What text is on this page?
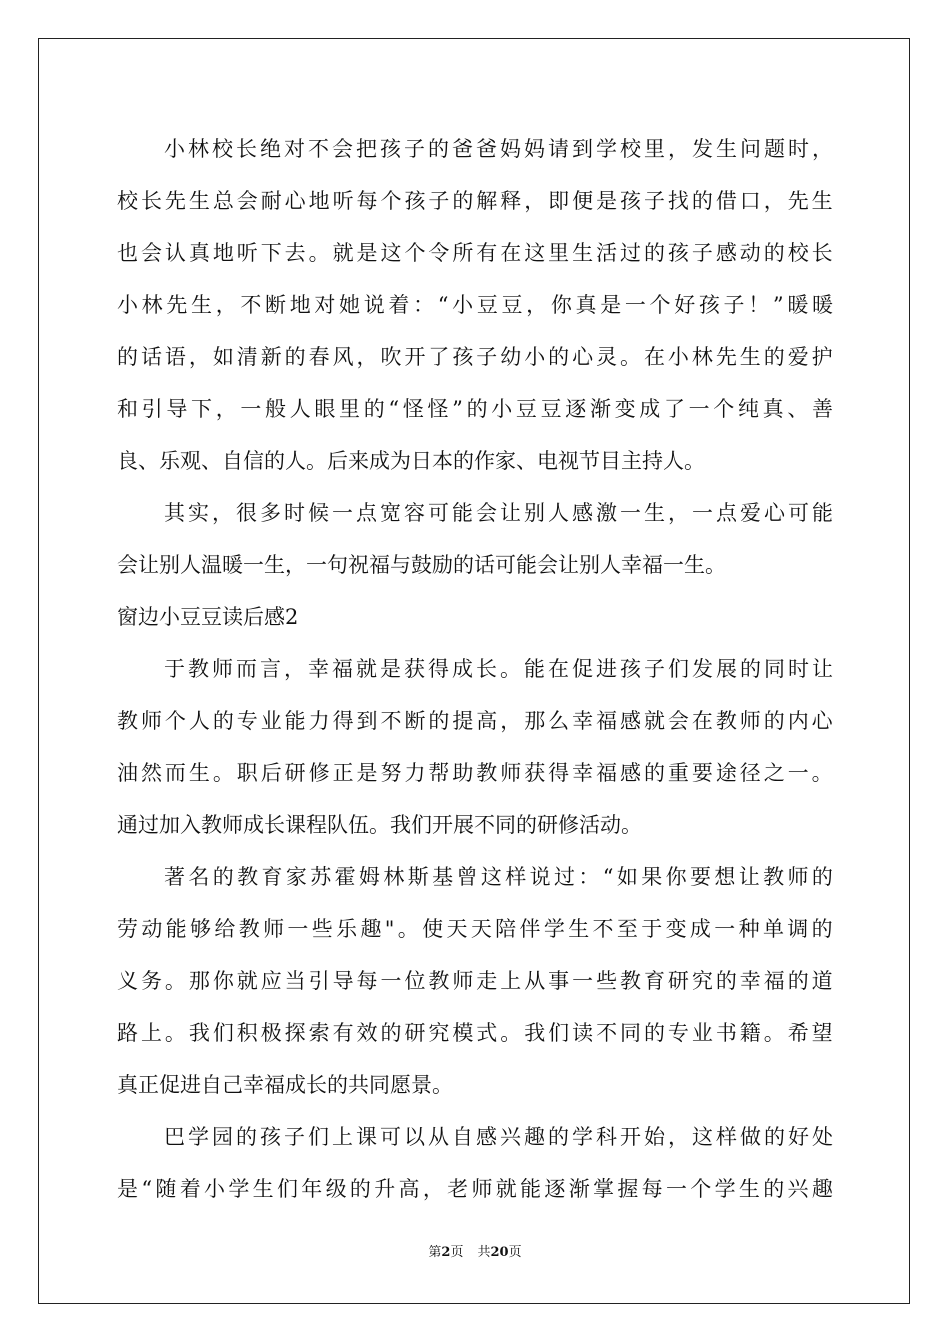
小 林 校 长 绝 对 不 会 把 孩 子 的 爸 爸 妈 妈 请 到 学 校 里 ， 发 生 问 题 时 ，
校 长 先 生 总 会 耐 心 地 听 每 个 孩 子 的 解 释 ， 即 便 是 孩 子 找 的 借 口 ， 先 生
也 会 认 真 地 听 下 去 。 就 是 这 个 令 所 有 在 这 里 生 活 过 的 孩 子 感 动 的 校 长
小 林 先 生 ， 不 断 地 对 她 说 着 ： “ 小 豆 豆 ， 你 真 是 一 个 好 孩 子 ！ ” 暖 暖
的 话 语 ， 如 清 新 的 春 风 ， 吹 开 了 孩 子 幼 小 的 心 灵 。 在 小 林 先 生 的 爱 护
和 引 导 下 ， 一 般 人 眼 里 的 “ 怪 怪 ” 的 小 豆 豆 逐 渐 变 成 了 一 个 纯 真 、 善
良、乐观、自信的人。后来成为日本的作家、电视节目主持人。
其 实 ， 很 多 时 候 一 点 宽 容 可 能 会 让 别 人 感 激 一 生 ， 一 点 爱 心 可 能
会让别人温暖一生，一句祝福与鼓励的话可能会让别人幸福一生。
窗边小豆豆读后感2
于 教 师 而 言 ， 幸 福 就 是 获 得 成 长 。 能 在 促 进 孩 子 们 发 展 的 同 时 让
教 师 个 人 的 专 业 能 力 得 到 不 断 的 提 高 ， 那 么 幸 福 感 就 会 在 教 师 的 内 心
油 然 而 生 。 职 后 研 修 正 是 努 力 帮 助 教 师 获 得 幸 福 感 的 重 要 途 径 之 一 。
通过加入教师成长课程队伍。我们开展不同的研修活动。
著 名 的 教 育 家 苏 霍 姆 林 斯 基 曾 这 样 说 过 ： “ 如 果 你 要 想 让 教 师 的
劳 动 能 够 给 教 师 一 些 乐 趣 " 。 使 天 天 陪 伴 学 生 不 至 于 变 成 一 种 单 调 的
义 务 。 那 你 就 应 当 引 导 每 一 位 教 师 走 上 从 事 一 些 教 育 研 究 的 幸 福 的 道
路 上 。 我 们 积 极 探 索 有 效 的 研 究 模 式 。 我 们 读 不 同 的 专 业 书 籍 。 希 望
真正促进自己幸福成长的共同愿景。
巴 学 园 的 孩 子 们 上 课 可 以 从 自 感 兴 趣 的 学 科 开 始 ， 这 样 做 的 好 处
是 “ 随 着 小 学 生 们 年 级 的 升 高 ， 老 师 就 能 逐 渐 掌 握 每 一 个 学 生 的 兴 趣
第2页 共20页
